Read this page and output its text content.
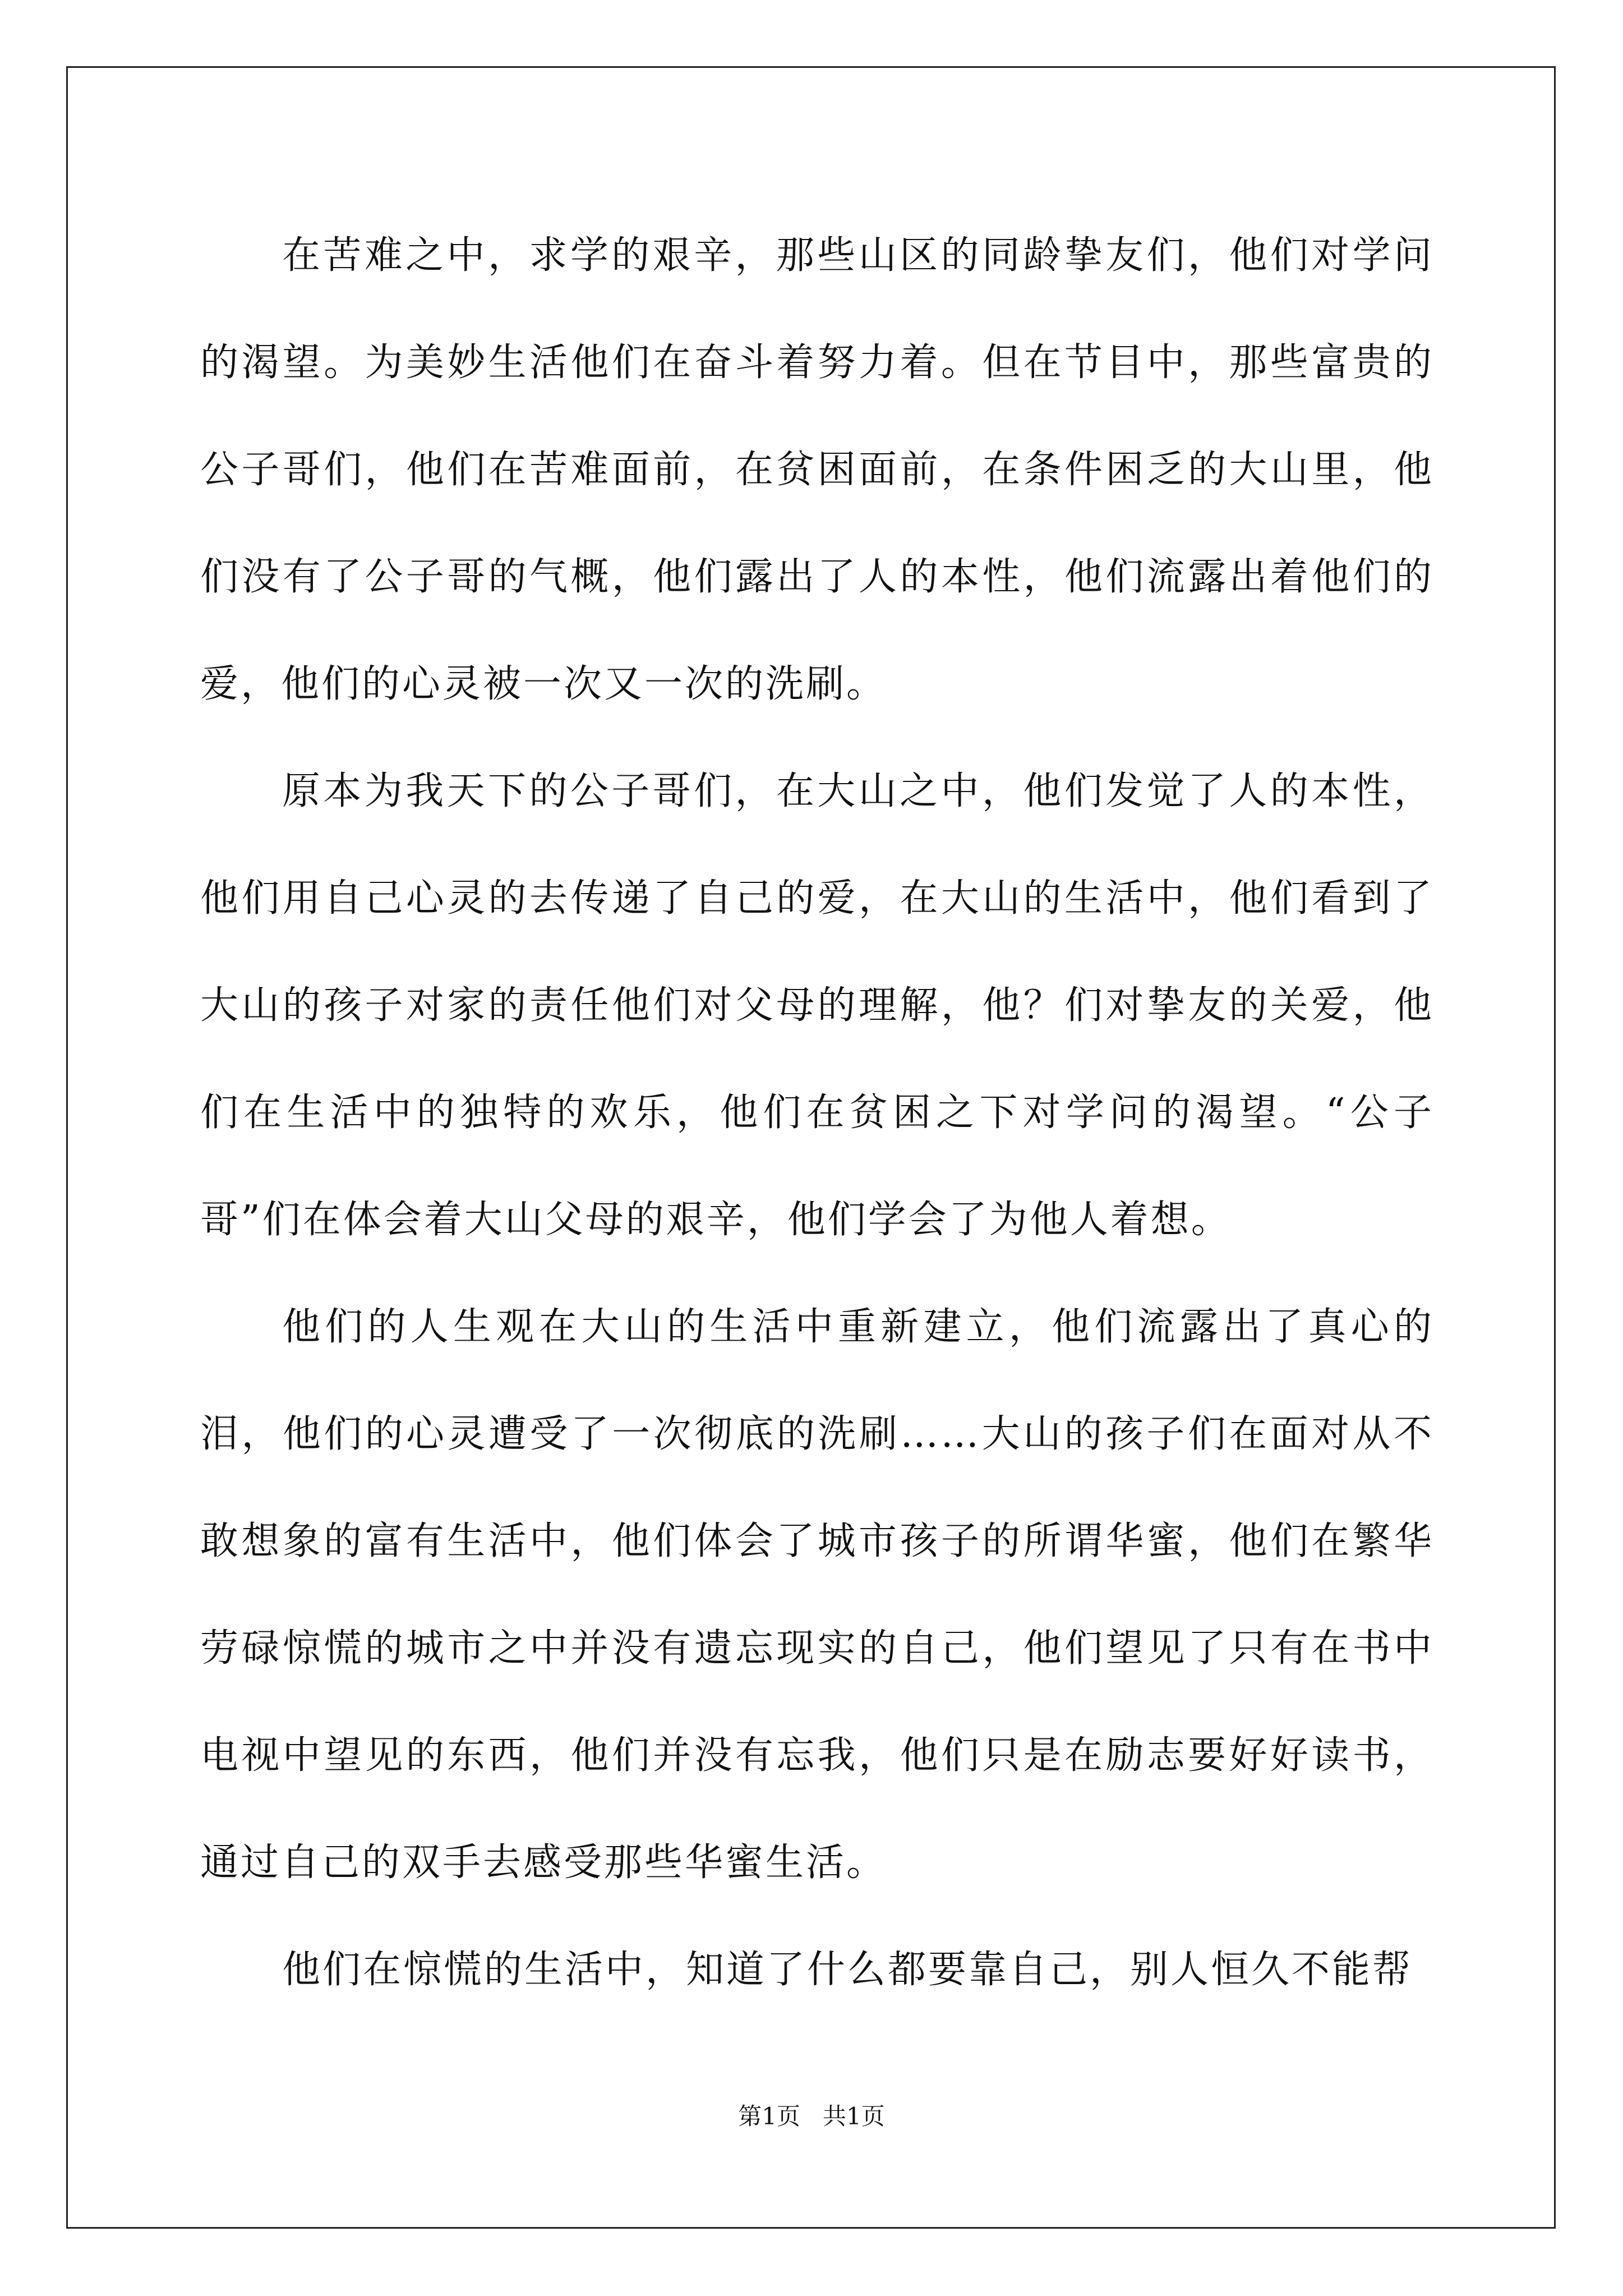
在苦难之中，求学的艰辛，那些山区的同龄挚友们，他们对学问的渴望。为美妙生活他们在奋斗着努力着。但在节目中，那些富贵的公子哥们，他们在苦难面前，在贫困面前，在条件困乏的大山里，他们没有了公子哥的气概，他们露出了人的本性，他们流露出着他们的爱，他们的心灵被一次又一次的洗刷。

原本为我天下的公子哥们，在大山之中，他们发觉了人的本性，他们用自己心灵的去传递了自己的爱，在大山的生活中，他们看到了大山的孩子对家的责任他们对父母的理解，他？们对挚友的关爱，他们在生活中的独特的欢乐，他们在贫困之下对学问的渴望。“公子哥”们在体会着大山父母的艰辛，他们学会了为他人着想。

他们的人生观在大山的生活中重新建立，他们流露出了真心的泪，他们的心灵遭受了一次彻底的洗刷……大山的孩子们在面对从不敢想象的富有生活中，他们体会了城市孩子的所谓华蜜，他们在繁华劳碌惊慌的城市之中并没有遗忘现实的自己，他们望见了只有在书中电视中望见的东西，他们并没有忘我，他们只是在励志要好好读书，通过自己的双手去感受那些华蜜生活。

他们在惊慌的生活中，知道了什么都要靠自己，别人恒久不能帮

第1页   共1页
